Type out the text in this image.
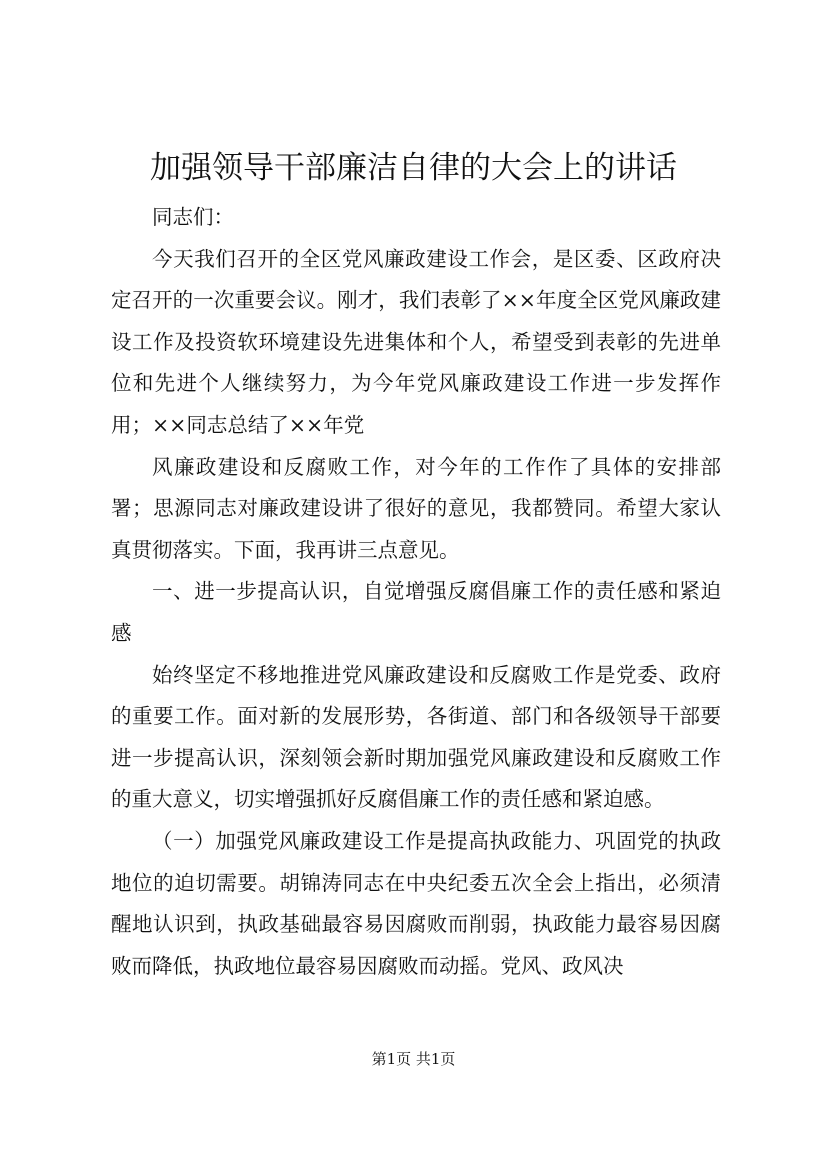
加强领导干部廉洁自律的大会上的讲话

同志们：

今天我们召开的全区党风廉政建设工作会，是区委、区政府决定召开的一次重要会议。刚才，我们表彰了××年度全区党风廉政建设工作及投资软环境建设先进集体和个人，希望受到表彰的先进单位和先进个人继续努力，为今年党风廉政建设工作进一步发挥作用；××同志总结了××年党

风廉政建设和反腐败工作，对今年的工作作了具体的安排部署；思源同志对廉政建设讲了很好的意见，我都赞同。希望大家认真贯彻落实。下面，我再讲三点意见。

一、进一步提高认识，自觉增强反腐倡廉工作的责任感和紧迫感

始终坚定不移地推进党风廉政建设和反腐败工作是党委、政府的重要工作。面对新的发展形势，各街道、部门和各级领导干部要进一步提高认识，深刻领会新时期加强党风廉政建设和反腐败工作的重大意义，切实增强抓好反腐倡廉工作的责任感和紧迫感。

（一）加强党风廉政建设工作是提高执政能力、巩固党的执政地位的迫切需要。胡锦涛同志在中央纪委五次全会上指出，必须清醒地认识到，执政基础最容易因腐败而削弱，执政能力最容易因腐败而降低，执政地位最容易因腐败而动摇。党风、政风决

第1页 共1页
